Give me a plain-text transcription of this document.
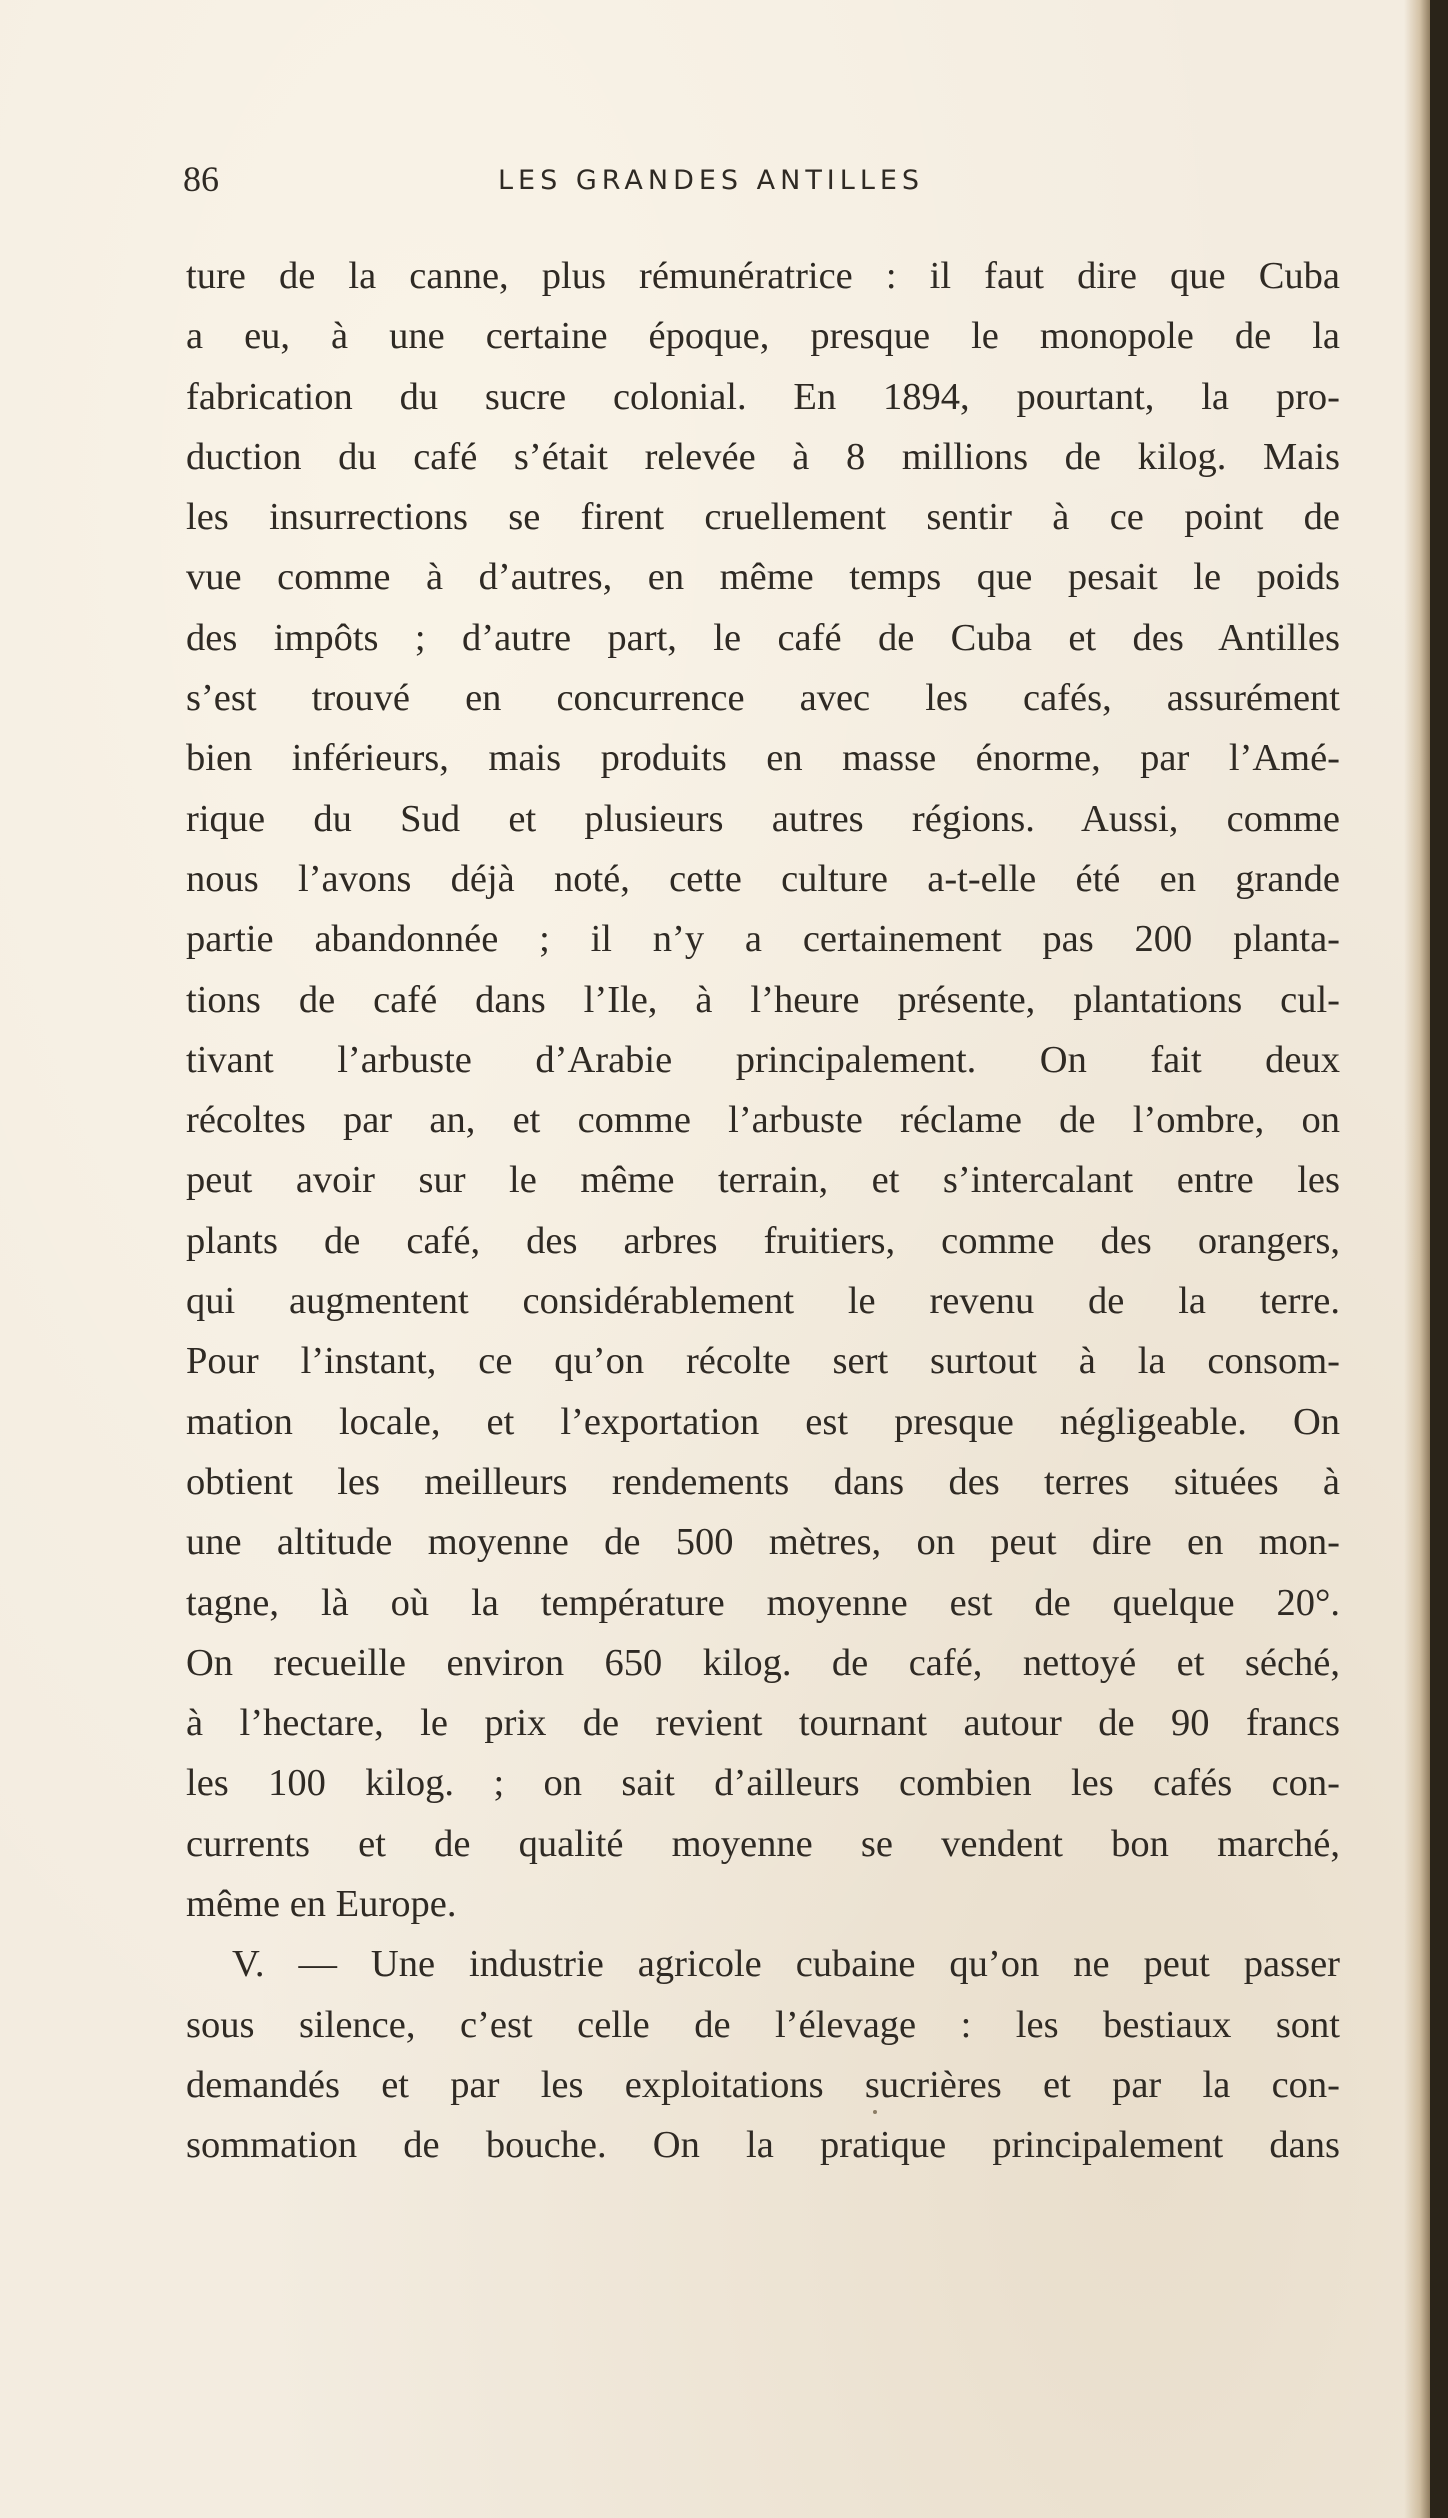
86	LES GRANDES ANTILLES
ture de la canne, plus rémunératrice : il faut dire que Cuba
a eu, à une certaine époque, presque le monopole de la
fabrication du sucre colonial. En 1894, pourtant, la pro-
duction du café s’était relevée à 8 millions de kilog. Mais
les insurrections se firent cruellement sentir à ce point de
vue comme à d’autres, en même temps que pesait le poids
des impôts ; d’autre part, le café de Cuba et des Antilles
s’est trouvé en concurrence avec les cafés, assurément
bien inférieurs, mais produits en masse énorme, par l’Amé-
rique du Sud et plusieurs autres régions. Aussi, comme
nous l’avons déjà noté, cette culture a-t-elle été en grande
partie abandonnée ; il n’y a certainement pas 200 planta-
tions de café dans l’Ile, à l’heure présente, plantations cul-
tivant l’arbuste d’Arabie principalement. On fait deux
récoltes par an, et comme l’arbuste réclame de l’ombre, on
peut avoir sur le même terrain, et s’intercalant entre les
plants de café, des arbres fruitiers, comme des orangers,
qui augmentent considérablement le revenu de la terre.
Pour l’instant, ce qu’on récolte sert surtout à la consom-
mation locale, et l’exportation est presque négligeable. On
obtient les meilleurs rendements dans des terres situées à
une altitude moyenne de 500 mètres, on peut dire en mon-
tagne, là où la température moyenne est de quelque 20°.
On recueille environ 650 kilog. de café, nettoyé et séché,
à l’hectare, le prix de revient tournant autour de 90 francs
les 100 kilog. ; on sait d’ailleurs combien les cafés con-
currents et de qualité moyenne se vendent bon marché,
même en Europe.
V. — Une industrie agricole cubaine qu’on ne peut passer
sous silence, c’est celle de l’élevage : les bestiaux sont
demandés et par les exploitations sucrières et par la con-
sommation de bouche. On la pratique principalement dans
